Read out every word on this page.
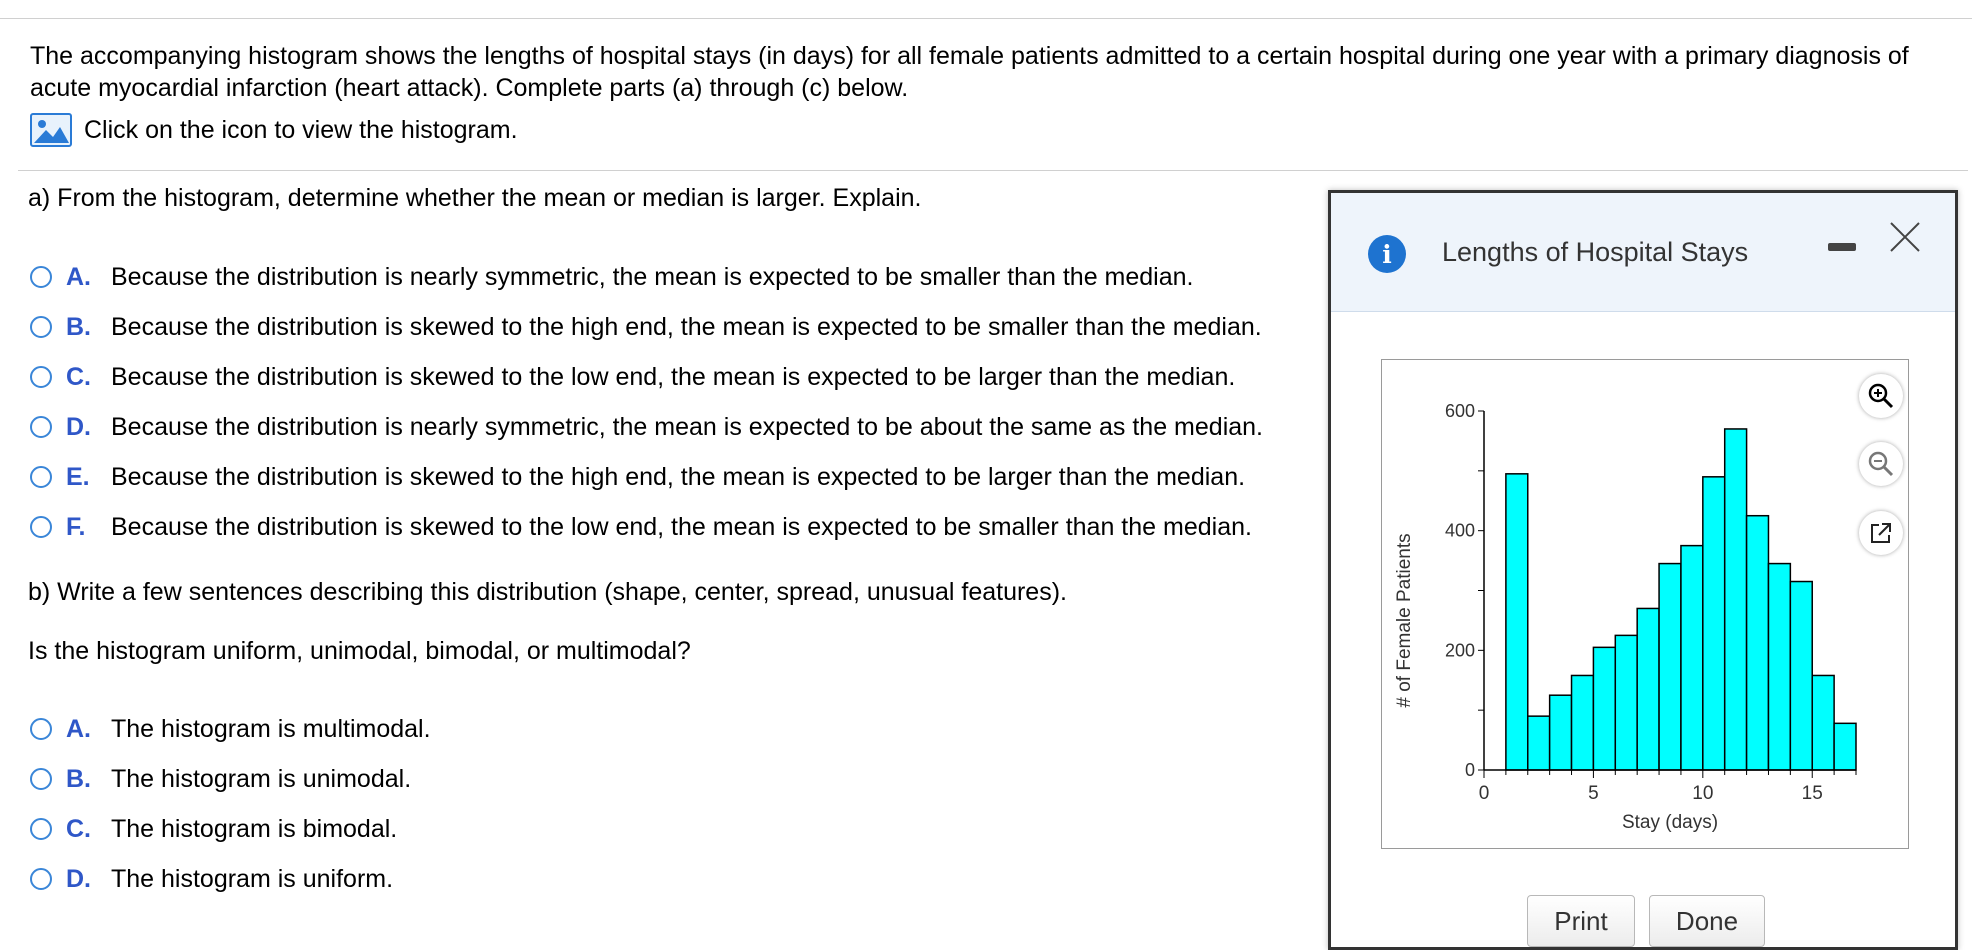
The accompanying histogram shows the lengths of hospital stays (in days) for all female patients admitted to a certain hospital during one year with a primary diagnosis of acute myocardial infarction (heart attack). Complete parts (a) through (c) below.
Click on the icon to view the histogram.
a) From the histogram, determine whether the mean or median is larger. Explain.
A. Because the distribution is nearly symmetric, the mean is expected to be smaller than the median.
B. Because the distribution is skewed to the high end, the mean is expected to be smaller than the median.
C. Because the distribution is skewed to the low end, the mean is expected to be larger than the median.
D. Because the distribution is nearly symmetric, the mean is expected to be about the same as the median.
E. Because the distribution is skewed to the high end, the mean is expected to be larger than the median.
F.	Because the distribution is skewed to the low end, the mean is expected to be smaller than the median.
b) Write a few sentences describing this distribution (shape, center, spread, unusual features).
Is the histogram uniform, unimodal, bimodal, or multimodal?
A. The histogram is multimodal.
B. The histogram is unimodal.
C. The histogram is bimodal.
D. The histogram is uniform.
i	Lengths of Hospital Stays
0
200
400
600
0	5	10	15
Stay (days)
# of Female Patients
Print	Done
